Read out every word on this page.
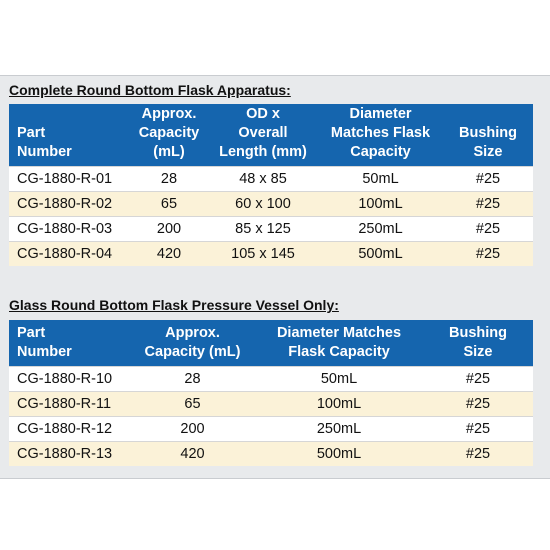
Complete Round Bottom Flask Apparatus:
Part
Number	Approx.
Capacity
(mL)	OD x
Overall
Length (mm)	Diameter
Matches Flask
Capacity	Bushing
Size
CG-1880-R-01	28	48 x 85	50mL	#25
CG-1880-R-02	65	60 x 100	100mL	#25
CG-1880-R-03	200	85 x 125	250mL	#25
CG-1880-R-04	420	105 x 145	500mL	#25
Glass Round Bottom Flask Pressure Vessel Only:
Part
Number	Approx.
Capacity (mL)	Diameter Matches
Flask Capacity	Bushing
Size
CG-1880-R-10	28	50mL	#25
CG-1880-R-11	65	100mL	#25
CG-1880-R-12	200	250mL	#25
CG-1880-R-13	420	500mL	#25
